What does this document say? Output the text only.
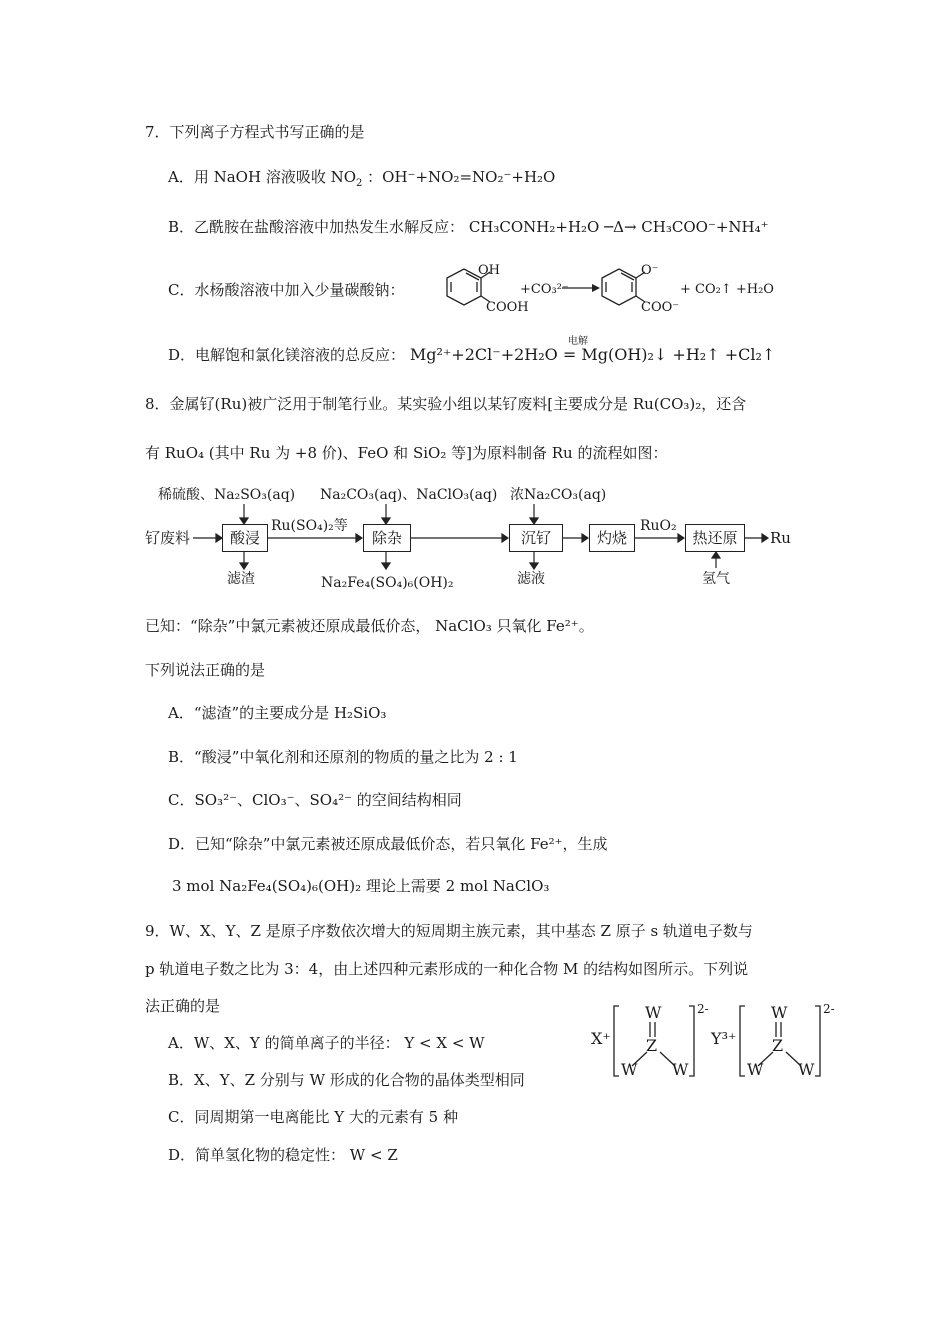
7．下列离子方程式书写正确的是
A．用 NaOH 溶液吸收 $NO_2$ ：OH⁻+NO₂=NO₂⁻+H₂O
B．乙酰胺在盐酸溶液中加热发生水解反应： CH₃CONH₂+H₂O ─Δ→ CH₃COO⁻+NH₄⁺
C．水杨酸溶液中加入少量碳酸钠：
OH
COOH
+CO₃²⁻
O⁻
COO⁻
+ CO₂↑ +H₂O
D．电解饱和氯化镁溶液的总反应： Mg²⁺+2Cl⁻+2H₂O = Mg(OH)₂↓ +H₂↑ +Cl₂↑
电解
8．金属钌(Ru)被广泛用于制笔行业。某实验小组以某钌废料[主要成分是 Ru(CO₃)₂，还含
有 RuO₄ (其中 Ru 为 +8 价)、FeO 和 SiO₂ 等]为原料制备 Ru 的流程如图：
钌废料	酸浸
稀硫酸、Na₂SO₃(aq)
滤渣
Ru(SO₄)₂等
除杂
Na₂CO₃(aq)、NaClO₃(aq)
Na₂Fe₄(SO₄)₆(OH)₂
沉钌
浓Na₂CO₃(aq)
滤液
灼烧
RuO₂
热还原
氢气
Ru
已知：“除杂”中氯元素被还原成最低价态， NaClO₃ 只氧化 Fe²⁺。
下列说法正确的是
A．“滤渣”的主要成分是 H₂SiO₃
B．“酸浸”中氧化剂和还原剂的物质的量之比为 2 : 1
C．SO₃²⁻、ClO₃⁻、SO₄²⁻ 的空间结构相同
D．已知“除杂”中氯元素被还原成最低价态，若只氧化 Fe²⁺，生成
3 mol Na₂Fe₄(SO₄)₆(OH)₂ 理论上需要 2 mol NaClO₃
9．W、X、Y、Z 是原子序数依次增大的短周期主族元素，其中基态 Z 原子 s 轨道电子数与
p 轨道电子数之比为 3：4，由上述四种元素形成的一种化合物 M 的结构如图所示。下列说
法正确的是
A．W、X、Y 的简单离子的半径： Y < X < W
B．X、Y、Z 分别与 W 形成的化合物的晶体类型相同
C．同周期第一电离能比 Y 大的元素有 5 种
D．简单氢化物的稳定性： W < Z
X⁺
W
Z
W W
2-
Y³⁺
W
Z
W W
2-
